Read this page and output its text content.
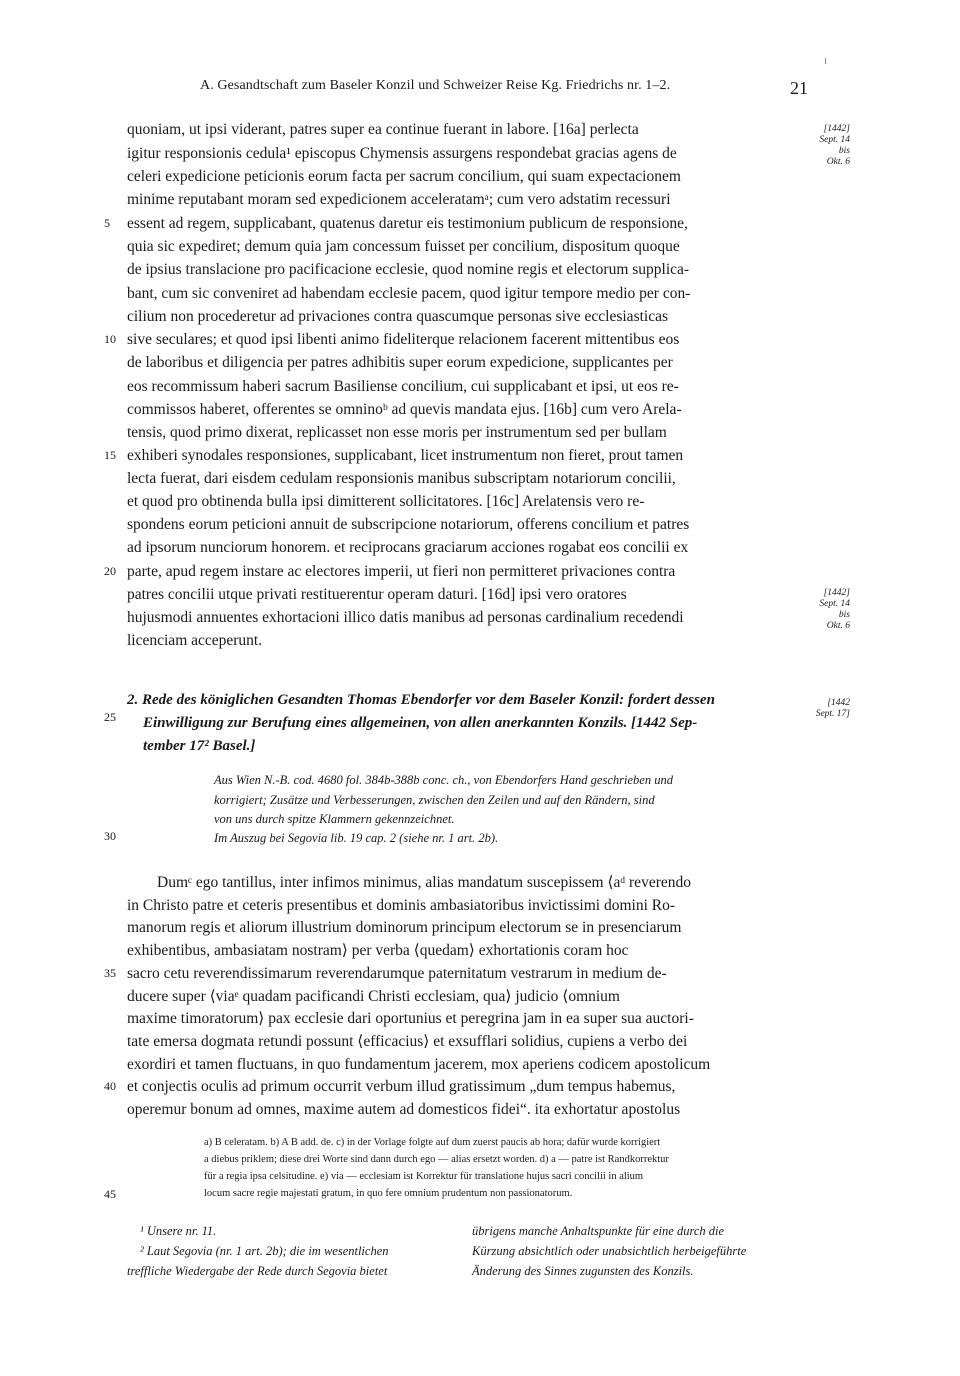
A. Gesandtschaft zum Baseler Konzil und Schweizer Reise Kg. Friedrichs nr. 1–2.	21
quoniam, ut ipsi viderant, patres super ea continue fuerant in labore. [16a] perlecta
igitur responsionis cedula¹ episcopus Chymensis assurgens respondebat gracias agens de
celeri expedicione peticionis eorum facta per sacrum concilium, qui suam expectacionem
minime reputabant moram sed expedicionem acceleratamᵃ; cum vero adstatim recessuri
essent ad regem, supplicabant, quatenus daretur eis testimonium publicum de responsione,
quia sic expediret; demum quia jam concessum fuisset per concilium, dispositum quoque
de ipsius translacione pro pacificacione ecclesie, quod nomine regis et electorum supplica-
bant, cum sic conveniret ad habendam ecclesie pacem, quod igitur tempore medio per con-
cilium non procederetur ad privaciones contra quascumque personas sive ecclesiasticas
sive seculares; et quod ipsi libenti animo fideliterque relacionem facerent mittentibus eos
de laboribus et diligencia per patres adhibitis super eorum expedicione, supplicantes per
eos recommissum haberi sacrum Basiliense concilium, cui supplicabant et ipsi, ut eos re-
commissos haberet, offerentes se omninoᵇ ad quevis mandata ejus. [16b] cum vero Arela-
tensis, quod primo dixerat, replicasset non esse moris per instrumentum sed per bullam
exhiberi synodales responsiones, supplicabant, licet instrumentum non fieret, prout tamen
lecta fuerat, dari eisdem cedulam responsionis manibus subscriptam notariorum concilii,
et quod pro obtinenda bulla ipsi dimitterent sollicitatores. [16c] Arelatensis vero re-
spondens eorum peticioni annuit de subscripcione notariorum, offerens concilium et patres
ad ipsorum nunciorum honorem. et reciprocans graciarum acciones rogabat eos concilii ex
parte, apud regem instare ac electores imperii, ut fieri non permitteret privaciones contra
patres concilii utque privati restituerentur operam daturi. [16d] ipsi vero oratores
hujusmodi annuentes exhortacioni illico datis manibus ad personas cardinalium recedendi
licenciam acceperunt.
5
10
15
20
[1442]
Sept. 14
bis
Okt. 6
[1442]
Sept. 14
bis
Okt. 6
[1442
Sept. 17]
2. Rede des königlichen Gesandten Thomas Ebendorfer vor dem Baseler Konzil: fordert dessen
Einwilligung zur Berufung eines allgemeinen, von allen anerkannten Konzils. [1442 Sep-
tember 17² Basel.]
Aus Wien N.-B. cod. 4680 fol. 384b-388b conc. ch., von Ebendorfers Hand geschrieben und
korrigiert; Zusätze und Verbesserungen, zwischen den Zeilen und auf den Rändern, sind
von uns durch spitze Klammern gekennzeichnet.
Im Auszug bei Segovia lib. 19 cap. 2 (siehe nr. 1 art. 2b).
Dumᶜ ego tantillus, inter infimos minimus, alias mandatum suscepissem ⟨aᵈ reverendo
in Christo patre et ceteris presentibus et dominis ambasiatoribus invictissimi domini Ro-
manorum regis et aliorum illustrium dominorum principum electorum se in presenciarum
exhibentibus, ambasiatam nostram⟩ per verba ⟨quedam⟩ exhortationis coram hoc
sacro cetu reverendissimarum reverendarumque paternitatum vestrarum in medium de-
ducere super ⟨viaᵉ quadam pacificandi Christi ecclesiam, qua⟩ judicio ⟨omnium
maxime timoratorum⟩ pax ecclesie dari oportunius et peregrina jam in ea super sua auctori-
tate emersa dogmata retundi possunt ⟨efficacius⟩ et exsufflari solidius, cupiens a verbo dei
exordiri et tamen fluctuans, in quo fundamentum jacerem, mox aperiens codicem apostolicum
et conjectis oculis ad primum occurrit verbum illud gratissimum „dum tempus habemus,
operemur bonum ad omnes, maxime autem ad domesticos fidei“. ita exhortatur apostolus
25
30
35
40
45
a) B celeratam. b) A B add. de. c) in der Vorlage folgte auf dum zuerst paucis ab hora; dafür wurde korrigiert
a diebus priklem; diese drei Worte sind dann durch ego — alias ersetzt worden. d) a — patre ist Randkorrektur
für a regia ipsa celsitudine. e) via — ecclesiam ist Korrektur für translatione hujus sacri concilii in alium
locum sacre regie majestati gratum, in quo fere omnium prudentum non passionatorum.
¹ Unsere nr. 11.
² Laut Segovia (nr. 1 art. 2b); die im wesentlichen
treffliche Wiedergabe der Rede durch Segovia bietet
übrigens manche Anhaltspunkte für eine durch die
Kürzung absichtlich oder unabsichtlich herbeigeführte
Änderung des Sinnes zugunsten des Konzils.
